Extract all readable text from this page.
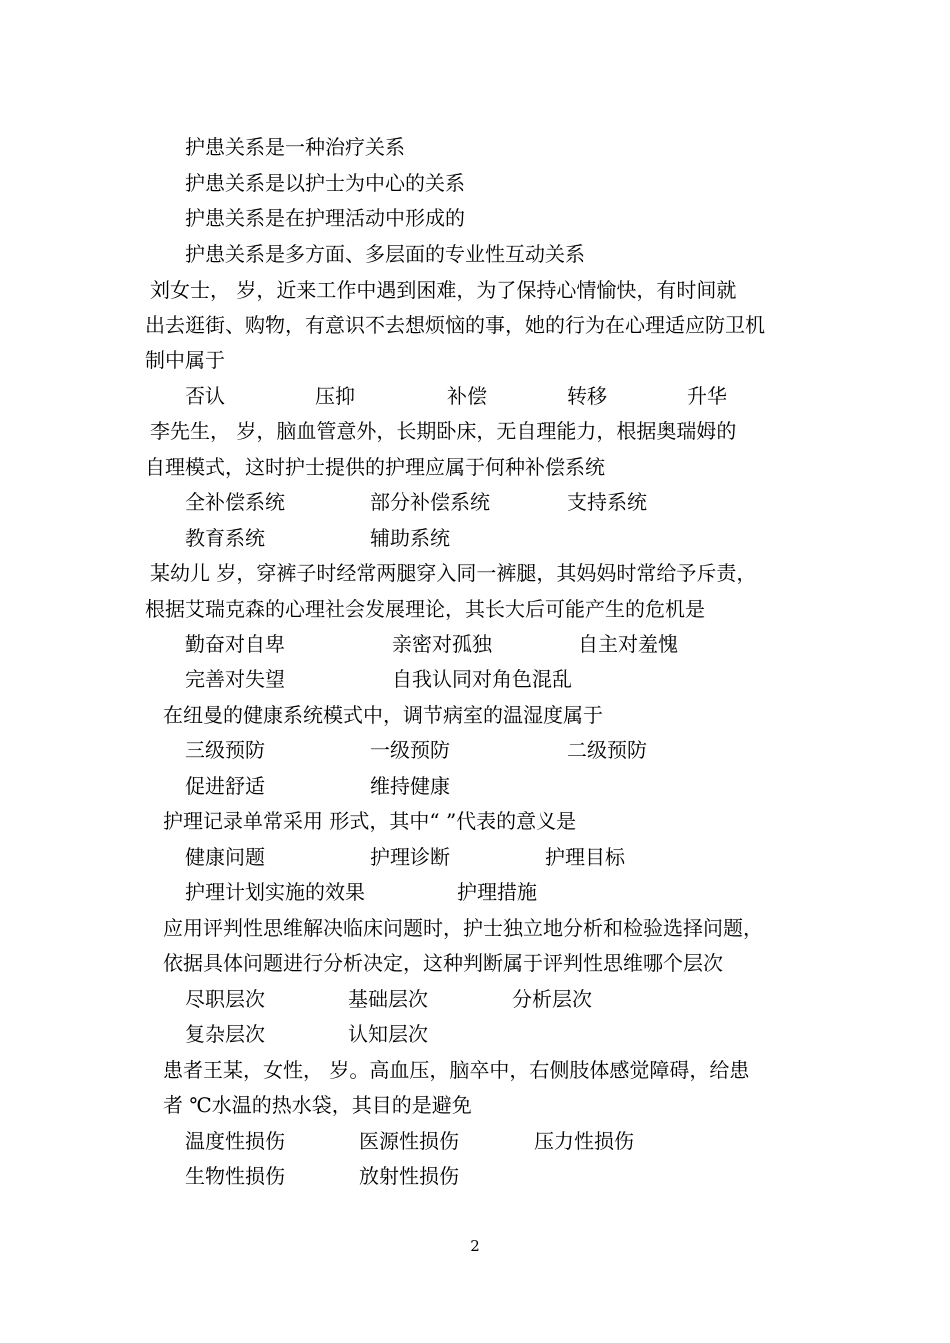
护患关系是一种治疗关系
护患关系是以护士为中心的关系
护患关系是在护理活动中形成的
护患关系是多方面、多层面的专业性互动关系
刘女士， 岁，近来工作中遇到困难，为了保持心情愉快，有时间就
出去逛街、购物，有意识不去想烦恼的事，她的行为在心理适应防卫机
制中属于
否认	压抑	补偿	转移	升华
李先生， 岁，脑血管意外，长期卧床，无自理能力，根据奥瑞姆的
自理模式，这时护士提供的护理应属于何种补偿系统
全补偿系统	部分补偿系统	支持系统
教育系统	辅助系统
某幼儿 岁，穿裤子时经常两腿穿入同一裤腿，其妈妈时常给予斥责，
根据艾瑞克森的心理社会发展理论，其长大后可能产生的危机是
勤奋对自卑	亲密对孤独	自主对羞愧
完善对失望	自我认同对角色混乱
在纽曼的健康系统模式中，调节病室的温湿度属于
三级预防	一级预防	二级预防
促进舒适	维持健康
护理记录单常采用 形式，其中“ ”代表的意义是
健康问题	护理诊断	护理目标
护理计划实施的效果	护理措施
应用评判性思维解决临床问题时，护士独立地分析和检验选择问题，
依据具体问题进行分析决定，这种判断属于评判性思维哪个层次
尽职层次	基础层次	分析层次
复杂层次	认知层次
患者王某，女性， 岁。高血压，脑卒中，右侧肢体感觉障碍，给患
者 ℃水温的热水袋，其目的是避免
温度性损伤	医源性损伤	压力性损伤
生物性损伤	放射性损伤
2
